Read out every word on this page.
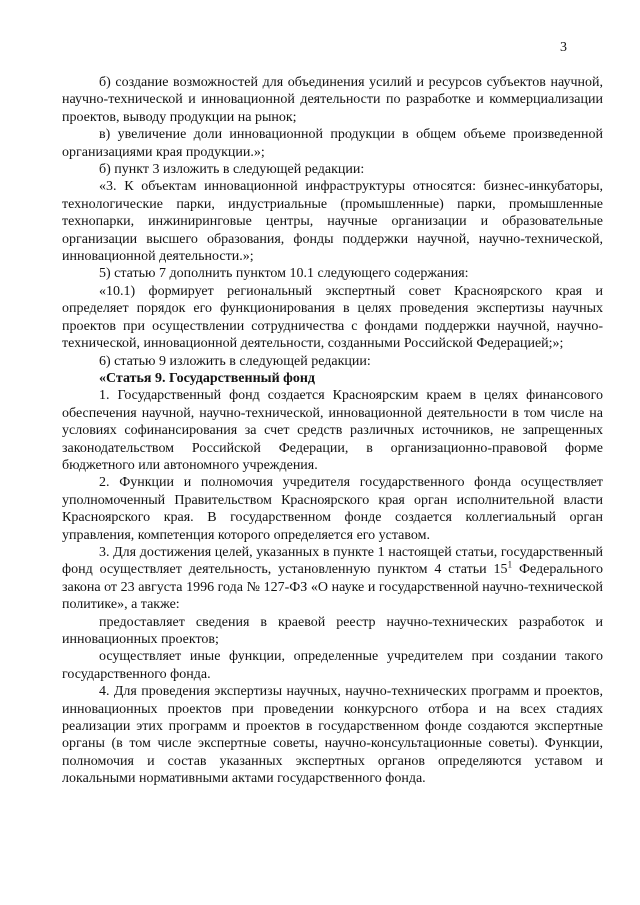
3

б) создание возможностей для объединения усилий и ресурсов субъектов научной, научно-технической и инновационной деятельности по разработке и коммерциализации проектов, выводу продукции на рынок;

в) увеличение доли инновационной продукции в общем объеме произведенной организациями края продукции.»;

б) пункт 3 изложить в следующей редакции:

«3. К объектам инновационной инфраструктуры относятся: бизнес-инкубаторы, технологические парки, индустриальные (промышленные) парки, промышленные технопарки, инжиниринговые центры, научные организации и образовательные организации высшего образования, фонды поддержки научной, научно-технической, инновационной деятельности.»;

5) статью 7 дополнить пунктом 10.1 следующего содержания:

«10.1) формирует региональный экспертный совет Красноярского края и определяет порядок его функционирования в целях проведения экспертизы научных проектов при осуществлении сотрудничества с фондами поддержки научной, научно-технической, инновационной деятельности, созданными Российской Федерацией;»;

6) статью 9 изложить в следующей редакции:

«Статья 9. Государственный фонд

1. Государственный фонд создается Красноярским краем в целях финансового обеспечения научной, научно-технической, инновационной деятельности в том числе на условиях софинансирования за счет средств различных источников, не запрещенных законодательством Российской Федерации, в организационно-правовой форме бюджетного или автономного учреждения.

2. Функции и полномочия учредителя государственного фонда осуществляет уполномоченный Правительством Красноярского края орган исполнительной власти Красноярского края. В государственном фонде создается коллегиальный орган управления, компетенция которого определяется его уставом.

3. Для достижения целей, указанных в пункте 1 настоящей статьи, государственный фонд осуществляет деятельность, установленную пунктом 4 статьи $15^1$ Федерального закона от 23 августа 1996 года № 127-ФЗ «О науке и государственной научно-технической политике», а также:

предоставляет сведения в краевой реестр научно-технических разработок и инновационных проектов;

осуществляет иные функции, определенные учредителем при создании такого государственного фонда.

4. Для проведения экспертизы научных, научно-технических программ и проектов, инновационных проектов при проведении конкурсного отбора и на всех стадиях реализации этих программ и проектов в государственном фонде создаются экспертные органы (в том числе экспертные советы, научно-консультационные советы). Функции, полномочия и состав указанных экспертных органов определяются уставом и локальными нормативными актами государственного фонда.
